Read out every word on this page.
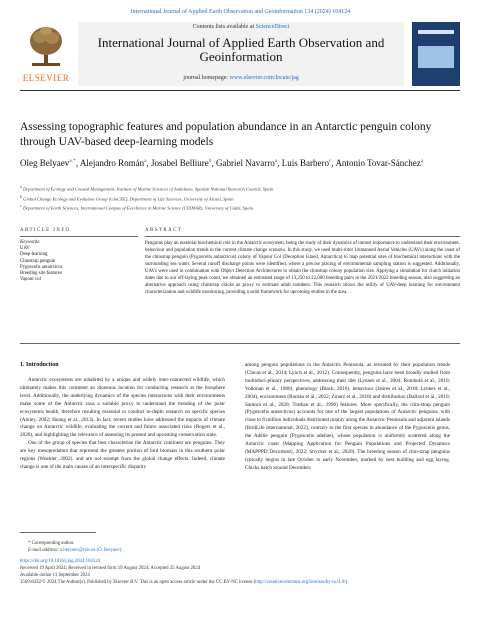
International Journal of Applied Earth Observation and Geoinformation 134 (2024) 104124
ELSEVIER
Contents lists available at ScienceDirect
International Journal of Applied Earth Observation and Geoinformation
journal homepage: www.elsevier.com/locate/jag
Assessing topographic features and population abundance in an Antarctic penguin colony through UAV-based deep-learning models
Oleg Belyaev$^{a,*}$, Alejandro Román$^a$, Josabel Belliure$^b$, Gabriel Navarro$^a$, Luis Barbero$^c$, Antonio Tovar-Sánchez$^a$
$^a$ Department of Ecology and Coastal Management, Institute of Marine Sciences of Andalusia, Spanish National Research Council, Spain
$^b$ Global Change Ecology and Evolution Group (GloCEE), Department of Life Sciences, University of Alcalá, Spain
$^c$ Department of Earth Sciences, International Campus of Excellence in Marine Science (CEIMAR), University of Cádiz, Spain
ARTICLE INFO	ABSTRACT
Keywords:
UAV
Deep-learning
Chinstrap penguin
Pygoscelis antarcticus
Breeding site features
Vapour col
Penguins play an essential biochemical role in the Antarctic ecosystem, being the study of their dynamics of utmost importance to understand their environment, behaviour and population trends in the current climate change scenario. In this study, we used multi-rotor Unmanned Aerial Vehicles (UAVs) along the coast of the chinstrap penguin (Pygoscelis antarcticus) colony of Vapour Col (Deception Island, Antarctica) to map potential sites of biochemical interactions with the surrounding sea water. Several runoff discharge points were identified, where a precise placing of environmental sampling station is suggested. Additionally, UAVs were used in combination with Object Detection Architectures to obtain the chinstrap colony population size. Applying a simulation for clutch initiation dates due to our off-laying peak count, we obtained an estimated range of 13,250 to 22,000 breeding pairs in the 2021/2022 breeding season, also suggesting an alternative approach using chinstrap chicks as proxy to estimate adult numbers. This research shows the utility of UAV-deep learning for environment characterization and wildlife monitoring, providing a solid framework for upcoming studies in the area.
1. Introduction

Antarctic ecosystems are inhabited by a unique and widely inter-connected wildlife, which ultimately makes this continent an idoneous location for conducting research at the biosphere level. Additionally, the underlying dynamics of the species interactions with their environments make some of the Antarctic taxa a suitable proxy to understand the trending of the polar ecosystems health, therefore resulting essential to conduct in-depth research on specific species (Ainley, 2002; Huang et al., 2013). In fact, recent studies have addressed the impacts of climate change on Antarctic wildlife, evaluating the current and future associated risks (Rogers et al., 2020), and highlighting the relevance of assessing its present and upcoming conservation state.

One of the group of species that best characterize the Antarctic continent are penguins. They are key mesopredators that represent the greatest portion of bird biomass in this southern polar regions (Woehler, 2002), and are not exempt from the global change effects. Indeed, climate change is one of the main causes of an interspecific disparity

among penguin populations in the Antarctic Peninsula, as revealed by their population trends (Clucas et al., 2014; Lynch et al., 2012). Consequently, penguins have been broadly studied from multidisci-plinary perspectives, addressing their diet (Lynnes et al., 2004; Rombolá et al., 2010; Volkman et al., 1980), phenology (Black, 2016), behaviour (Jaúres et al., 2018; Lynnes et al., 2004), environment (Roman et al., 2022; Zmarz et al., 2018) and distribution (Ballard et al., 2010; Santora et al., 2020; Trathan et al., 1996) features. More specifically, the chin-strap penguin (Pygoscelis antarcticus) accounts for one of the largest populations of Antarctic penguins, with close to 8 million individuals distributed mainly along the Antarctic Peninsula and adjacent islands (BirdLife International, 2022), contrary to the first species in abundance of the Pygoscelis genus, the Adélie penguin (Pygoscelis adeliae), whose population is uniformly scattered along the Antarctic coast (Mapping Application for Penguin Populations and Projected Dynamics (MAPPPD Document), 2022; Strycker et al., 2020). The breeding season of chin-strap penguins typically begins in late October to early November, marked by nest building and egg laying. Chicks hatch around December,

* Corresponding author.
E-mail address: o.belyaev@csic.es (O. Belyaev).
https://doi.org/10.1016/j.jag.2024.104124
Received 19 April 2024; Received in revised form 19 August 2024; Accepted 25 August 2024
Available online 11 September 2024
1569-8432/© 2024 The Author(s). Published by Elsevier B.V. This is an open access article under the CC BY-NC license (http://creativecommons.org/licenses/by-nc/4.0/).
